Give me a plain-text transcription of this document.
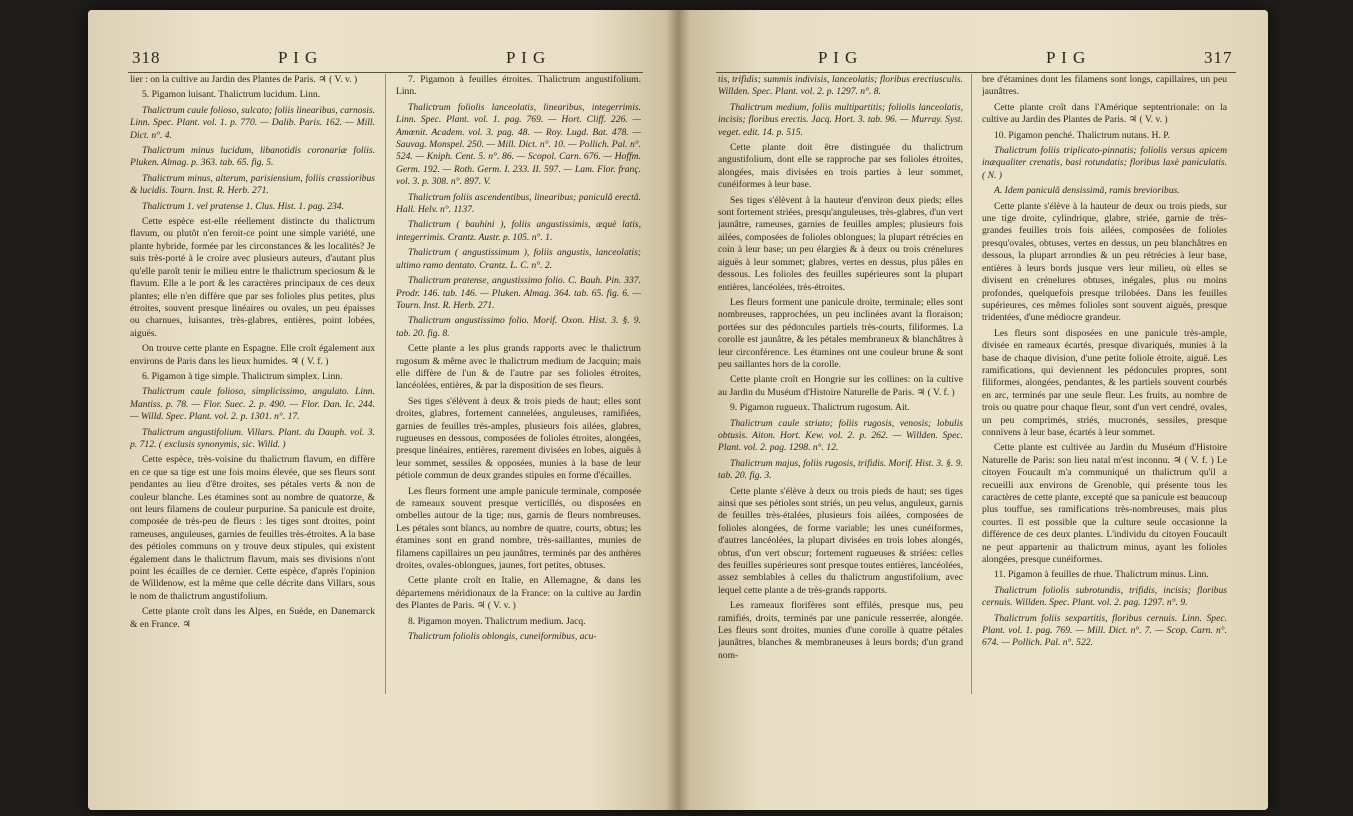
318	P I G	P I G

lier : on la cultive au Jardin des Plantes de Paris. ♃ ( V. v. )

5. Pigamon luisant. Thalictrum lucidum. Linn.

Thalictrum caule folioso, sulcato; foliis linearibus, carnosis. Linn. Spec. Plant. vol. 1. p. 770. — Dalib. Paris. 162. — Mill. Dict. n°. 4.

Thalictrum minus lucidum, libanotidis coronariæ foliis. Pluken. Almag. p. 363. tab. 65. fig. 5.

Thalictrum minus, alterum, parisiensium, foliis crassioribus & lucidis. Tourn. Inst. R. Herb. 271.

Thalictrum 1. vel pratense 1. Clus. Hist. 1. pag. 234.

Cette espèce est-elle réellement distincte du thalictrum flavum, ou plutôt n'en feroit-ce point une simple variété, une plante hybride, formée par les circonstances & les localités? Je suis très-porté à le croire avec plusieurs auteurs, d'autant plus qu'elle paroît tenir le milieu entre le thalictrum speciosum & le flavum. Elle a le port & les caractères principaux de ces deux plantes; elle n'en diffère que par ses folioles plus petites, plus étroites, souvent presque linéaires ou ovales, un peu épaisses ou charnues, luisantes, très-glabres, entières, point lobées, aiguës.

On trouve cette plante en Espagne. Elle croît également aux environs de Paris dans les lieux humides. ♃ ( V. f. )

6. Pigamon à tige simple. Thalictrum simplex. Linn.

Thalictrum caule folioso, simplicissimo, angulato. Linn. Mantiss. p. 78. — Flor. Suec. 2. p. 490. — Flor. Dan. Ic. 244. — Willd. Spec. Plant. vol. 2. p. 1301. n°. 17.

Thalictrum angustifolium. Villars. Plant. du Dauph. vol. 3. p. 712. ( exclusis synonymis, sic. Willd. )

Cette espèce, très-voisine du thalictrum flavum, en diffère en ce que sa tige est une fois moins élevée, que ses fleurs sont pendantes au lieu d'être droites, ses pétales verts & non de couleur blanche. Les étamines sont au nombre de quatorze, & ont leurs filamens de couleur purpurine. Sa panicule est droite, composée de très-peu de fleurs : les tiges sont droites, point rameuses, anguleuses, garnies de feuilles très-étroites. A la base des pétioles communs on y trouve deux stipules, qui existent également dans le thalictrum flavum, mais ses divisions n'ont point les écailles de ce dernier. Cette espèce, d'après l'opinion de Willdenow, est la même que celle décrite dans Villars, sous le nom de thalictrum angustifolium.

Cette plante croît dans les Alpes, en Suède, en Danemarck & en France. ♃

7. Pigamon à feuilles étroites. Thalictrum angustifolium. Linn.

Thalictrum foliolis lanceolatis, linearibus, integerrimis. Linn. Spec. Plant. vol. 1. pag. 769. — Hort. Cliff. 226. — Amœnit. Academ. vol. 3. pag. 48. — Roy. Lugd. Bat. 478. — Sauvag. Monspel. 250. — Mill. Dict. n°. 10. — Pollich. Pal. n°. 524. — Kniph. Cent. 5. n°. 86. — Scopol. Carn. 676. — Hoffm. Germ. 192. — Roth. Germ. I. 233. II. 597. — Lam. Flor. franç. vol. 3. p. 308. n°. 897. V.

Thalictrum foliis ascendentibus, linearibus; paniculâ erectâ. Hall. Helv. n°. 1137.

Thalictrum ( bauhini ), foliis angustissimis, æquè latis, integerrimis. Crantz. Austr. p. 105. n°. 1.

Thalictrum ( angustissimum ), foliis angustis, lanceolatis; ultimo ramo dentato. Crantz. L. C. n°. 2.

Thalictrum pratense, angustissimo folio. C. Bauh. Pin. 337. Prodr. 146. tab. 146. — Pluken. Almag. 364. tab. 65. fig. 6. — Tourn. Inst. R. Herb. 271.

Thalictrum angustissimo folio. Morif. Oxon. Hist. 3. §. 9. tab. 20. fig. 8.

Cette plante a les plus grands rapports avec le thalictrum rugosum & même avec le thalictrum medium de Jacquin; mais elle diffère de l'un & de l'autre par ses folioles étroites, lancéolées, entières, & par la disposition de ses fleurs.

Ses tiges s'élèvent à deux & trois pieds de haut; elles sont droites, glabres, fortement cannelées, anguleuses, ramifiées, garnies de feuilles très-amples, plusieurs fois ailées, glabres, rugueuses en dessous, composées de folioles étroites, alongées, presque linéaires, entières, rarement divisées en lobes, aiguës à leur sommet, sessiles & opposées, munies à la base de leur pétiole commun de deux grandes stipules en forme d'écailles.

Les fleurs forment une ample panicule terminale, composée de rameaux souvent presque verticillés, ou disposées en ombelles autour de la tige; nus, garnis de fleurs nombreuses. Les pétales sont blancs, au nombre de quatre, courts, obtus; les étamines sont en grand nombre, très-saillantes, munies de filamens capillaires un peu jaunâtres, terminés par des anthères droites, ovales-oblongues, jaunes, fort petites, obtuses.

Cette plante croît en Italie, en Allemagne, & dans les départemens méridionaux de la France: on la cultive au Jardin des Plantes de Paris. ♃ ( V. v. )

8. Pigamon moyen. Thalictrum medium. Jacq.

Thalictrum foliolis oblongis, cuneiformibus, acu-

P I G	P I G	317

tis, trifidis; summis indivisis, lanceolatis; floribus erectiusculis. Willden. Spec. Plant. vol. 2. p. 1297. n°. 8.

Thalictrum medium, foliis multipartitis; foliolis lanceolatis, incisis; floribus erectis. Jacq. Hort. 3. tab. 96. — Murray. Syst. veget. edit. 14. p. 515.

Cette plante doit être distinguée du thalictrum angustifolium, dont elle se rapproche par ses folioles étroites, alongées, mais divisées en trois parties à leur sommet, cunéiformes à leur base.

Ses tiges s'élèvent à la hauteur d'environ deux pieds; elles sont fortement striées, presqu'anguleuses, très-glabres, d'un vert jaunâtre, rameuses, garnies de feuilles amples; plusieurs fois ailées, composées de folioles oblongues; la plupart rétrécies en coin à leur base; un peu élargies & à deux ou trois crénelures aiguës à leur sommet; glabres, vertes en dessus, plus pâles en dessous. Les folioles des feuilles supérieures sont la plupart entières, lancéolées, très-étroites.

Les fleurs forment une panicule droite, terminale; elles sont nombreuses, rapprochées, un peu inclinées avant la floraison; portées sur des pédoncules partiels très-courts, filiformes. La corolle est jaunâtre, & les pétales membraneux & blanchâtres à leur circonférence. Les étamines ont une couleur brune & sont peu saillantes hors de la corolle.

Cette plante croît en Hongrie sur les collines: on la cultive au Jardin du Muséum d'Histoire Naturelle de Paris. ♃ ( V. f. )

9. Pigamon rugueux. Thalictrum rugosum. Ait.

Thalictrum caule striato; foliis rugosis, venosis; lobulis obtusis. Aiton. Hort. Kew. vol. 2. p. 262. — Willden. Spec. Plant. vol. 2. pag. 1298. n°. 12.

Thalictrum majus, foliis rugosis, trifidis. Morif. Hist. 3. §. 9. tab. 20. fig. 3.

Cette plante s'élève à deux ou trois pieds de haut; ses tiges ainsi que ses pétioles sont striés, un peu velus, anguleux, garnis de feuilles très-étalées, plusieurs fois ailées, composées de folioles alongées, de forme variable; les unes cunéiformes, d'autres lancéolées, la plupart divisées en trois lobes alongés, obtus, d'un vert obscur; fortement rugueuses & striées: celles des feuilles supérieures sont presque toutes entières, lancéolées, assez semblables à celles du thalictrum angustifolium, avec lequel cette plante a de très-grands rapports.

Les rameaux florifères sont effilés, presque nus, peu ramifiés, droits, terminés par une panicule resserrée, alongée. Les fleurs sont droites, munies d'une corolle à quatre pétales jaunâtres, blanches & membraneuses à leurs bords; d'un grand nom-

bre d'étamines dont les filamens sont longs, capillaires, un peu jaunâtres.

Cette plante croît dans l'Amérique septentrionale: on la cultive au Jardin des Plantes de Paris. ♃ ( V. v. )

10. Pigamon penché. Thalictrum nutans. H. P.

Thalictrum foliis triplicato-pinnatis; foliolis versus apicem inæqualiter crenatis, basi rotundatis; floribus laxè paniculatis. ( N. )

A. Idem paniculâ densissimâ, ramis brevioribus.

Cette plante s'élève à la hauteur de deux ou trois pieds, sur une tige droite, cylindrique, glabre, striée, garnie de très-grandes feuilles trois fois ailées, composées de folioles presqu'ovales, obtuses, vertes en dessus, un peu blanchâtres en dessous, la plupart arrondies & un peu rétrécies à leur base, entières à leurs bords jusque vers leur milieu, où elles se divisent en crénelures obtuses, inégales, plus ou moins profondes, quelquefois presque trilobées. Dans les feuilles supérieures, ces mêmes folioles sont souvent aiguës, presque tridentées, d'une médiocre grandeur.

Les fleurs sont disposées en une panicule très-ample, divisée en rameaux écartés, presque divariqués, munies à la base de chaque division, d'une petite foliole étroite, aiguë. Les ramifications, qui deviennent les pédoncules propres, sont filiformes, alongées, pendantes, & les partiels souvent courbés en arc, terminés par une seule fleur. Les fruits, au nombre de trois ou quatre pour chaque fleur, sont d'un vert cendré, ovales, un peu comprimés, striés, mucronés, sessiles, presque connivens à leur base, écartés à leur sommet.

Cette plante est cultivée au Jardin du Muséum d'Histoire Naturelle de Paris: son lieu natal m'est inconnu. ♃ ( V. f. ) Le citoyen Foucault m'a communiqué un thalictrum qu'il a recueilli aux environs de Grenoble, qui présente tous les caractères de cette plante, excepté que sa panicule est beaucoup plus touffue, ses ramifications très-nombreuses, mais plus courtes. Il est possible que la culture seule occasionne la différence de ces deux plantes. L'individu du citoyen Foucault ne peut appartenir au thalictrum minus, ayant les folioles alongées, presque cunéiformes.

11. Pigamon à feuilles de rhue. Thalictrum minus. Linn.

Thalictrum foliolis subrotundis, trifidis, incisis; floribus cernuis. Willden. Spec. Plant. vol. 2. pag. 1297. n°. 9.

Thalictrum foliis sexpartitis, floribus cernuis. Linn. Spec. Plant. vol. 1. pag. 769. — Mill. Dict. n°. 7. — Scop. Carn. n°. 674. — Pollich. Pal. n°. 522.
